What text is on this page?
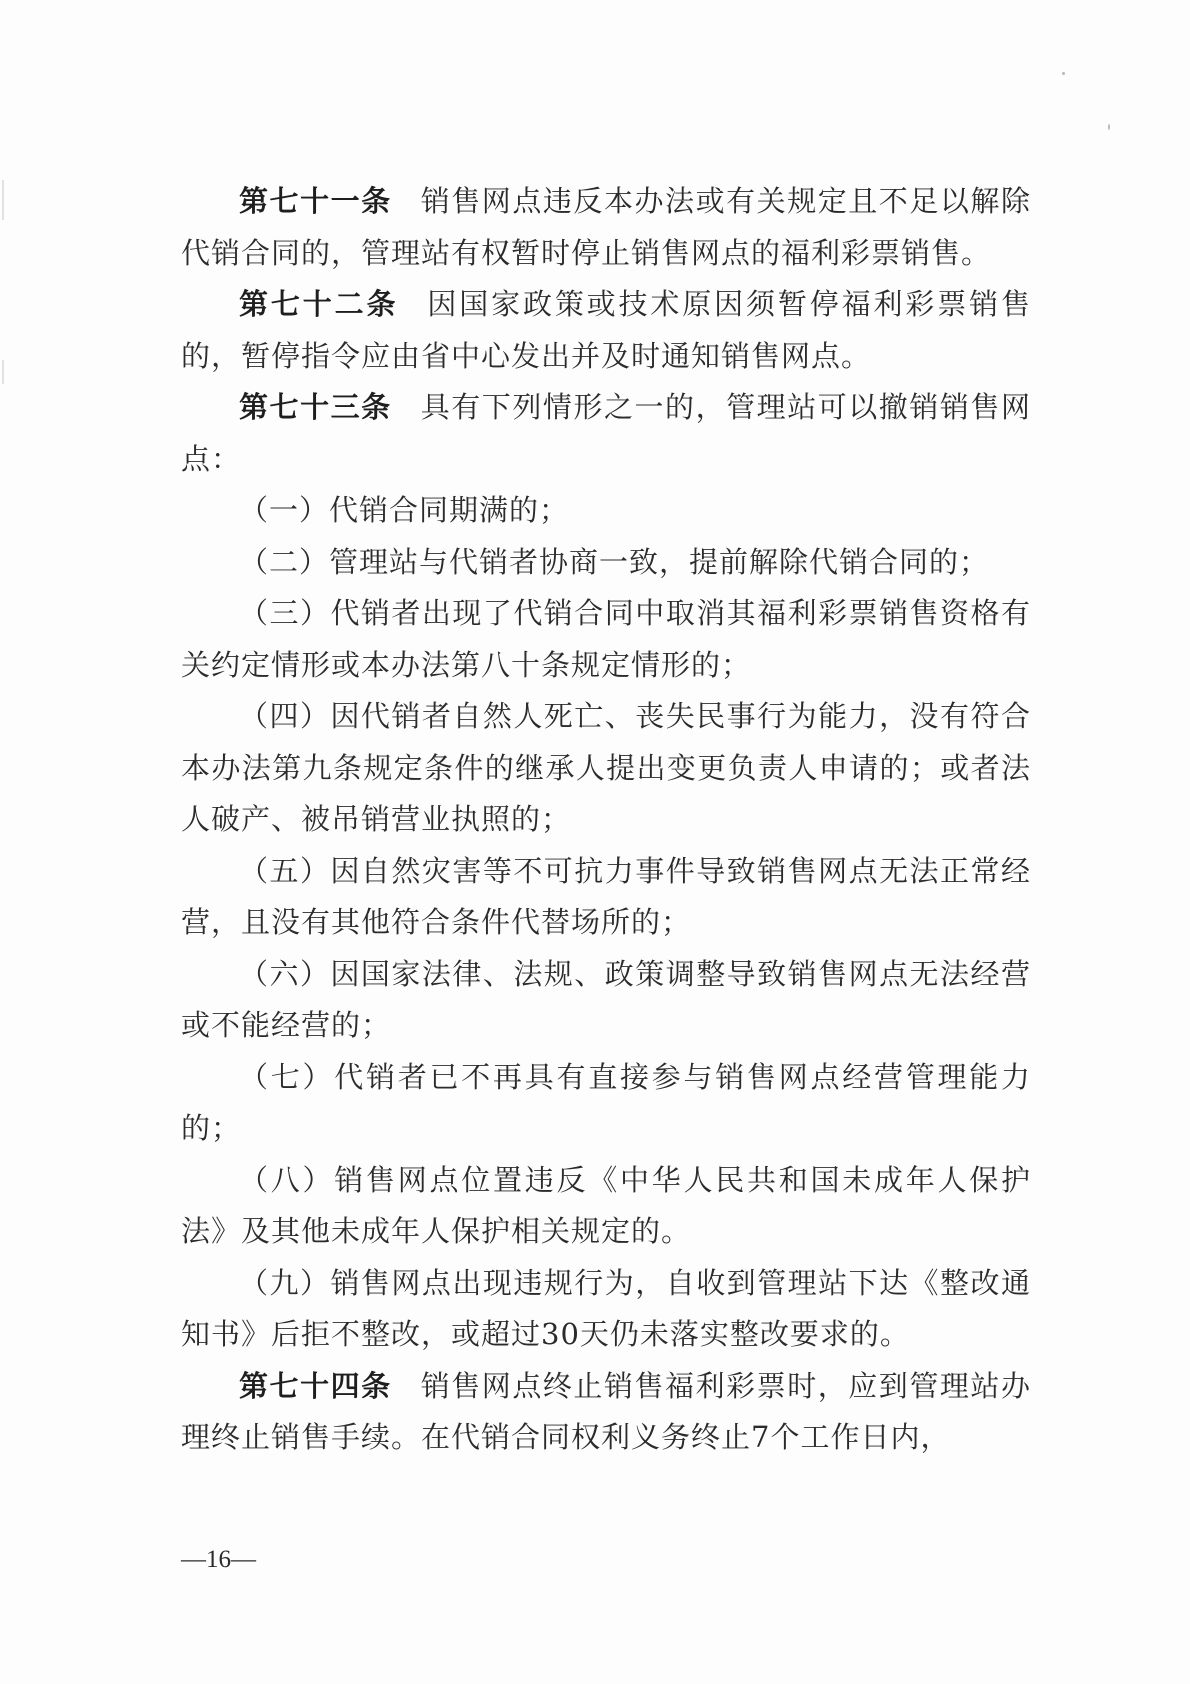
第七十一条 销售网点违反本办法或有关规定且不足以解除代销合同的，管理站有权暂时停止销售网点的福利彩票销售。

第七十二条 因国家政策或技术原因须暂停福利彩票销售的，暂停指令应由省中心发出并及时通知销售网点。

第七十三条 具有下列情形之一的，管理站可以撤销销售网点：

（一）代销合同期满的；

（二）管理站与代销者协商一致，提前解除代销合同的；

（三）代销者出现了代销合同中取消其福利彩票销售资格有关约定情形或本办法第八十条规定情形的；

（四）因代销者自然人死亡、丧失民事行为能力，没有符合本办法第九条规定条件的继承人提出变更负责人申请的；或者法人破产、被吊销营业执照的；

（五）因自然灾害等不可抗力事件导致销售网点无法正常经营，且没有其他符合条件代替场所的；

（六）因国家法律、法规、政策调整导致销售网点无法经营或不能经营的；

（七）代销者已不再具有直接参与销售网点经营管理能力的；

（八）销售网点位置违反《中华人民共和国未成年人保护法》及其他未成年人保护相关规定的。

（九）销售网点出现违规行为，自收到管理站下达《整改通知书》后拒不整改，或超过30天仍未落实整改要求的。

第七十四条 销售网点终止销售福利彩票时，应到管理站办理终止销售手续。在代销合同权利义务终止7个工作日内，

—16—
